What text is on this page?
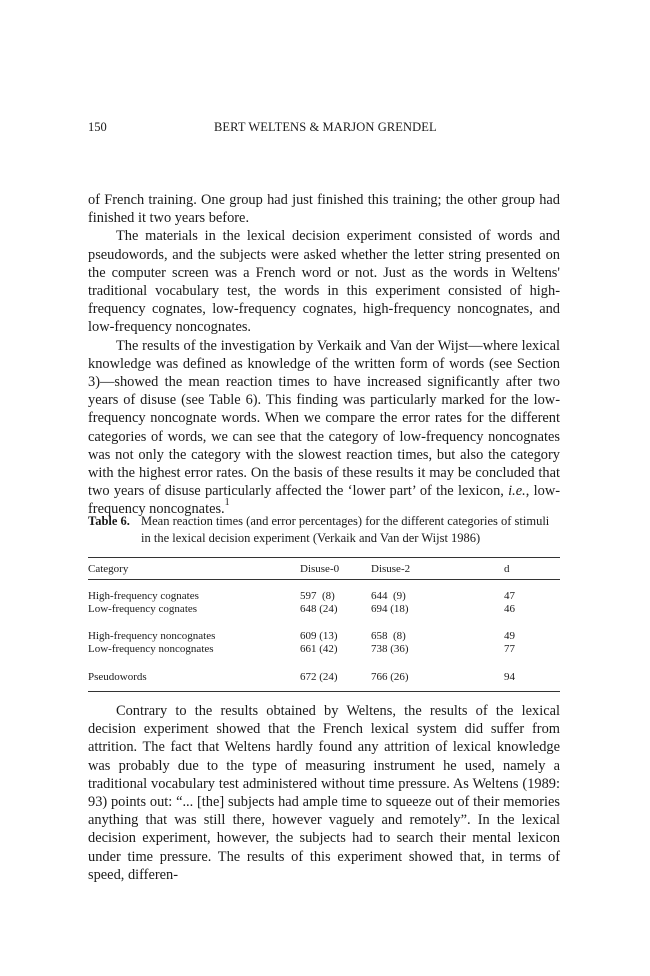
150	BERT WELTENS & MARJON GRENDEL

of French training. One group had just finished this training; the other group had finished it two years before.

The materials in the lexical decision experiment consisted of words and pseudowords, and the subjects were asked whether the letter string presented on the computer screen was a French word or not. Just as the words in Weltens' traditional vocabulary test, the words in this experiment consisted of high-frequency cognates, low-frequency cognates, high-frequency noncognates, and low-frequency noncognates.

The results of the investigation by Verkaik and Van der Wijst—where lexical knowledge was defined as knowledge of the written form of words (see Section 3)—showed the mean reaction times to have increased significantly after two years of disuse (see Table 6). This finding was particularly marked for the low-frequency noncognate words. When we compare the error rates for the different categories of words, we can see that the category of low-frequency noncognates was not only the category with the slowest reaction times, but also the category with the highest error rates. On the basis of these results it may be concluded that two years of disuse particularly affected the ‘lower part’ of the lexicon, i.e., low-frequency noncognates.$^1$

Table 6. Mean reaction times (and error percentages) for the different categories of stimuli in the lexical decision experiment (Verkaik and Van der Wijst 1986)
Category	Disuse-0	Disuse-2	d
High-frequency cognates	597  (8)	644  (9)	47
Low-frequency cognates	648 (24)	694 (18)	46
High-frequency noncognates	609 (13)	658  (8)	49
Low-frequency noncognates	661 (42)	738 (36)	77
Pseudowords	672 (24)	766 (26)	94

Contrary to the results obtained by Weltens, the results of the lexical decision experiment showed that the French lexical system did suffer from attrition. The fact that Weltens hardly found any attrition of lexical knowledge was probably due to the type of measuring instrument he used, namely a traditional vocabulary test administered without time pressure. As Weltens (1989: 93) points out: “... [the] subjects had ample time to squeeze out of their memories anything that was still there, however vaguely and remotely”. In the lexical decision experiment, however, the subjects had to search their mental lexicon under time pressure. The results of this experiment showed that, in terms of speed, differen-
